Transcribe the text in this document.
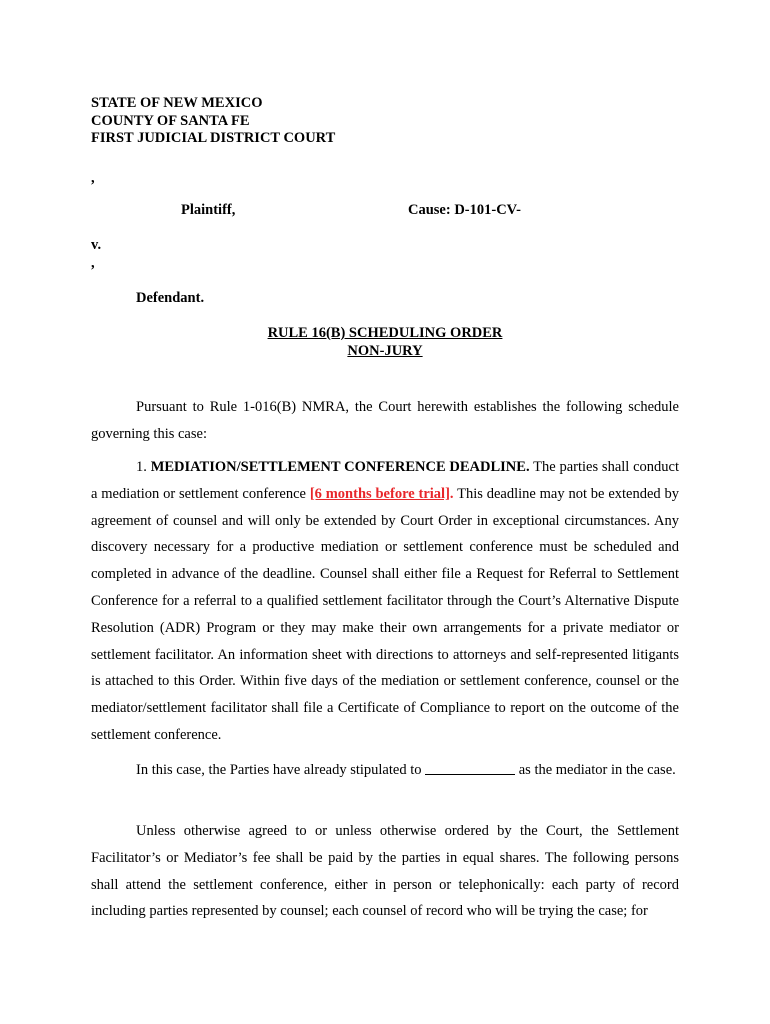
STATE OF NEW MEXICO
COUNTY OF SANTA FE
FIRST JUDICIAL DISTRICT COURT
,
Plaintiff,	Cause: D-101-CV-
v.
,
Defendant.
RULE 16(B) SCHEDULING ORDER
NON-JURY

Pursuant to Rule 1-016(B) NMRA, the Court herewith establishes the following schedule governing this case:

1. MEDIATION/SETTLEMENT CONFERENCE DEADLINE. The parties shall conduct a mediation or settlement conference [6 months before trial]. This deadline may not be extended by agreement of counsel and will only be extended by Court Order in exceptional circumstances. Any discovery necessary for a productive mediation or settlement conference must be scheduled and completed in advance of the deadline. Counsel shall either file a Request for Referral to Settlement Conference for a referral to a qualified settlement facilitator through the Court’s Alternative Dispute Resolution (ADR) Program or they may make their own arrangements for a private mediator or settlement facilitator. An information sheet with directions to attorneys and self-represented litigants is attached to this Order. Within five days of the mediation or settlement conference, counsel or the mediator/settlement facilitator shall file a Certificate of Compliance to report on the outcome of the settlement conference.

In this case, the Parties have already stipulated to	as the mediator in the case.

Unless otherwise agreed to or unless otherwise ordered by the Court, the Settlement Facilitator’s or Mediator’s fee shall be paid by the parties in equal shares. The following persons shall attend the settlement conference, either in person or telephonically: each party of record including parties represented by counsel; each counsel of record who will be trying the case; for
